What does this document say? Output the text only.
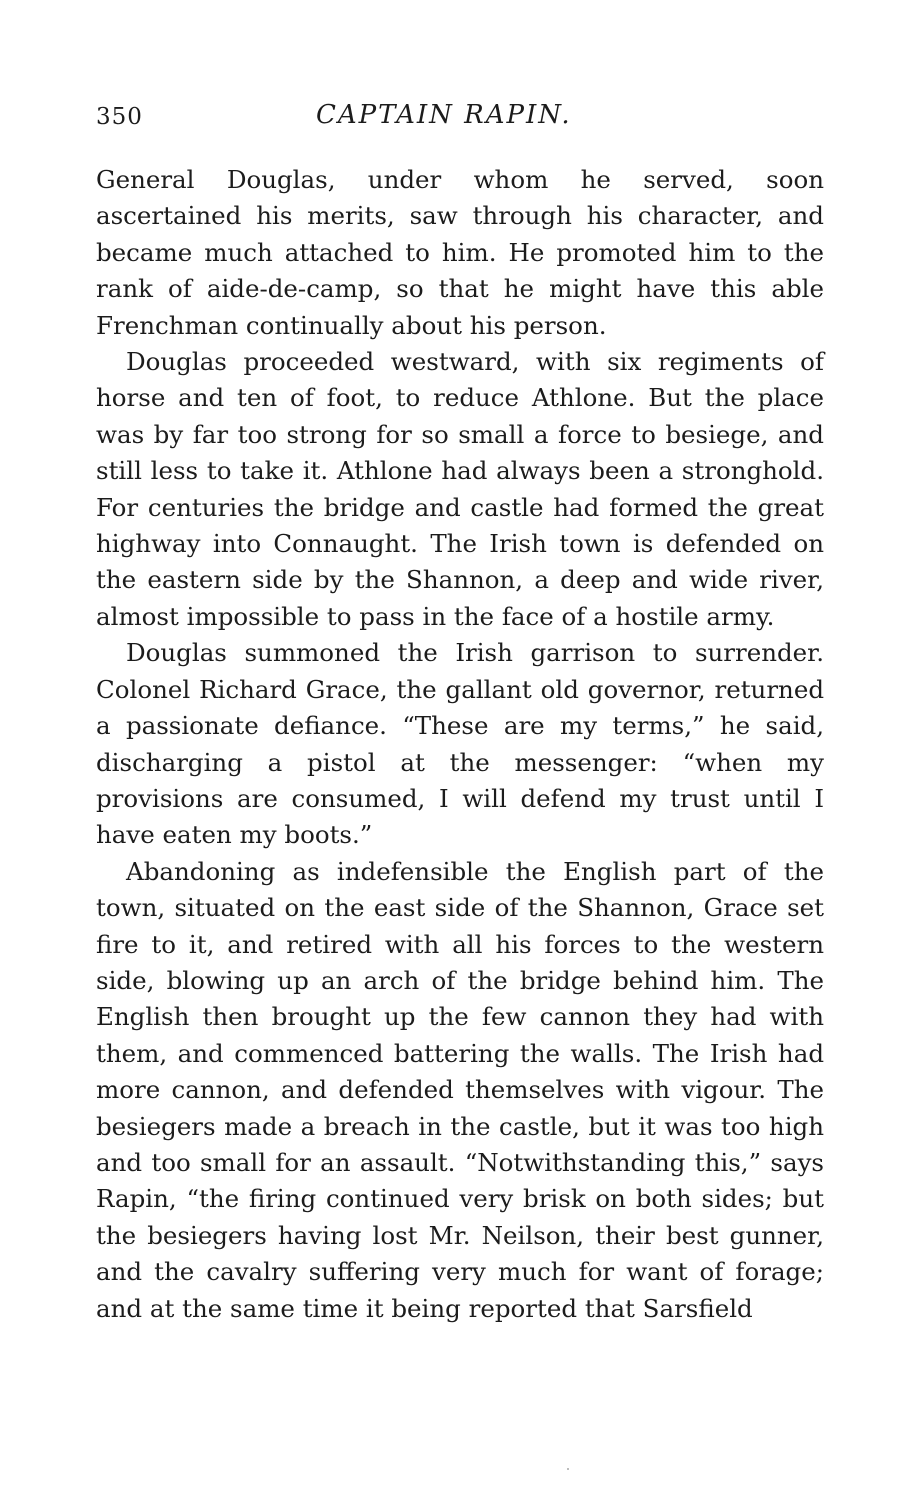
350	CAPTAIN RAPIN.

General Douglas, under whom he served, soon ascertained his merits, saw through his character, and became much attached to him. He promoted him to the rank of aide-de-camp, so that he might have this able Frenchman continually about his person.

Douglas proceeded westward, with six regiments of horse and ten of foot, to reduce Athlone. But the place was by far too strong for so small a force to besiege, and still less to take it. Athlone had always been a stronghold. For centuries the bridge and castle had formed the great highway into Connaught. The Irish town is defended on the eastern side by the Shannon, a deep and wide river, almost impossible to pass in the face of a hostile army.

Douglas summoned the Irish garrison to surrender. Colonel Richard Grace, the gallant old governor, returned a passionate defiance. “These are my terms,” he said, discharging a pistol at the messenger: “when my provisions are consumed, I will defend my trust until I have eaten my boots.”

Abandoning as indefensible the English part of the town, situated on the east side of the Shannon, Grace set fire to it, and retired with all his forces to the western side, blowing up an arch of the bridge behind him. The English then brought up the few cannon they had with them, and commenced battering the walls. The Irish had more cannon, and defended themselves with vigour. The besiegers made a breach in the castle, but it was too high and too small for an assault. “Notwithstanding this,” says Rapin, “the firing continued very brisk on both sides; but the besiegers having lost Mr. Neilson, their best gunner, and the cavalry suffering very much for want of forage; and at the same time it being reported that Sarsfield
